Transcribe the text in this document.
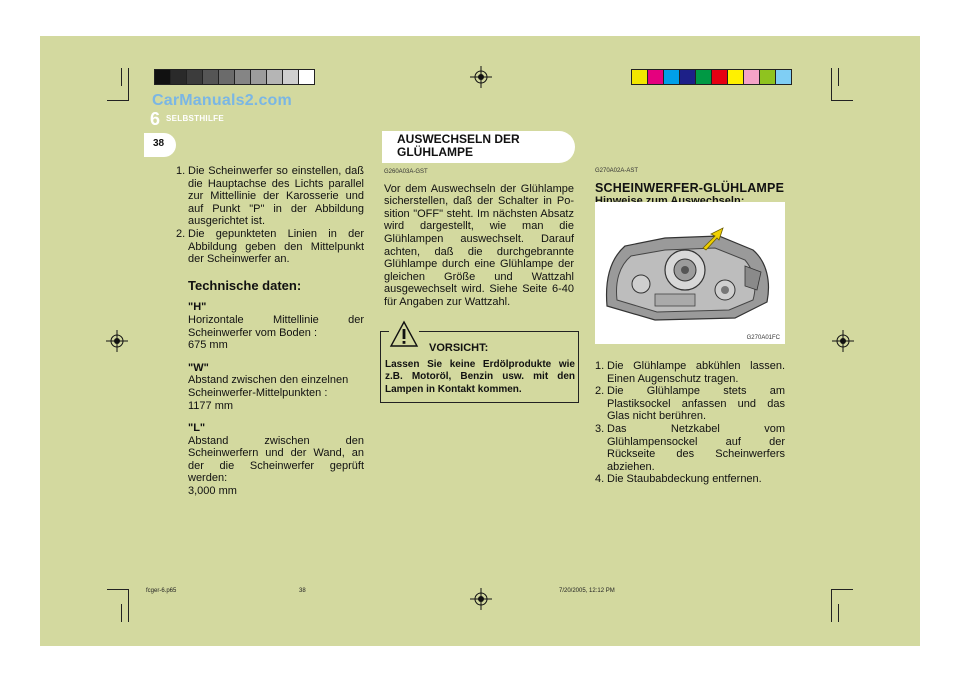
CarManuals2.com
6 SELBSTHILFE
38
1. Die Scheinwerfer so einstellen, daß die Hauptachse des Lichts parallel zur Mittellinie der Karosserie und auf Punkt "P" in der Abbildung ausgerichtet ist.
2. Die gepunkteten Linien in der Abbildung geben den Mittelpunkt der Scheinwerfer an.
Technische daten:
"H"
Horizontale Mittellinie der Scheinwerfer vom Boden :
675 mm
"W"
Abstand zwischen den einzelnen Scheinwerfer-Mittelpunkten :
1177 mm
"L"
Abstand zwischen den Scheinwerfern und der Wand, an der die Scheinwerfer geprüft werden:
3,000 mm
AUSWECHSELN DER GLÜHLAMPE
G260A03A-GST
Vor dem Auswechseln der Glühlampe sicherstellen, daß der Schalter in Po-sition "OFF" steht. Im nächsten Absatz wird dargestellt, wie man die Glühlampen auswechselt. Darauf achten, daß die durchgebrannte Glühlampe durch eine Glühlampe der gleichen Größe und Wattzahl ausgewechselt wird. Siehe Seite 6-40 für Angaben zur Wattzahl.
VORSICHT:
Lassen Sie keine Erdölprodukte wie z.B. Motoröl, Benzin usw. mit den Lampen in Kontakt kommen.
G270A02A-AST
SCHEINWERFER-GLÜHLAMPE
G270A01FC
1. Die Glühlampe abkühlen lassen. Einen Augenschutz tragen.
2. Die Glühlampe stets am Plastiksockel anfassen und das Glas nicht berühren.
3. Das Netzkabel vom Glühlampensockel auf der Rückseite des Scheinwerfers abziehen.
4. Die Staubabdeckung entfernen.
fcger-6.p65	38	7/20/2005, 12:12 PM
